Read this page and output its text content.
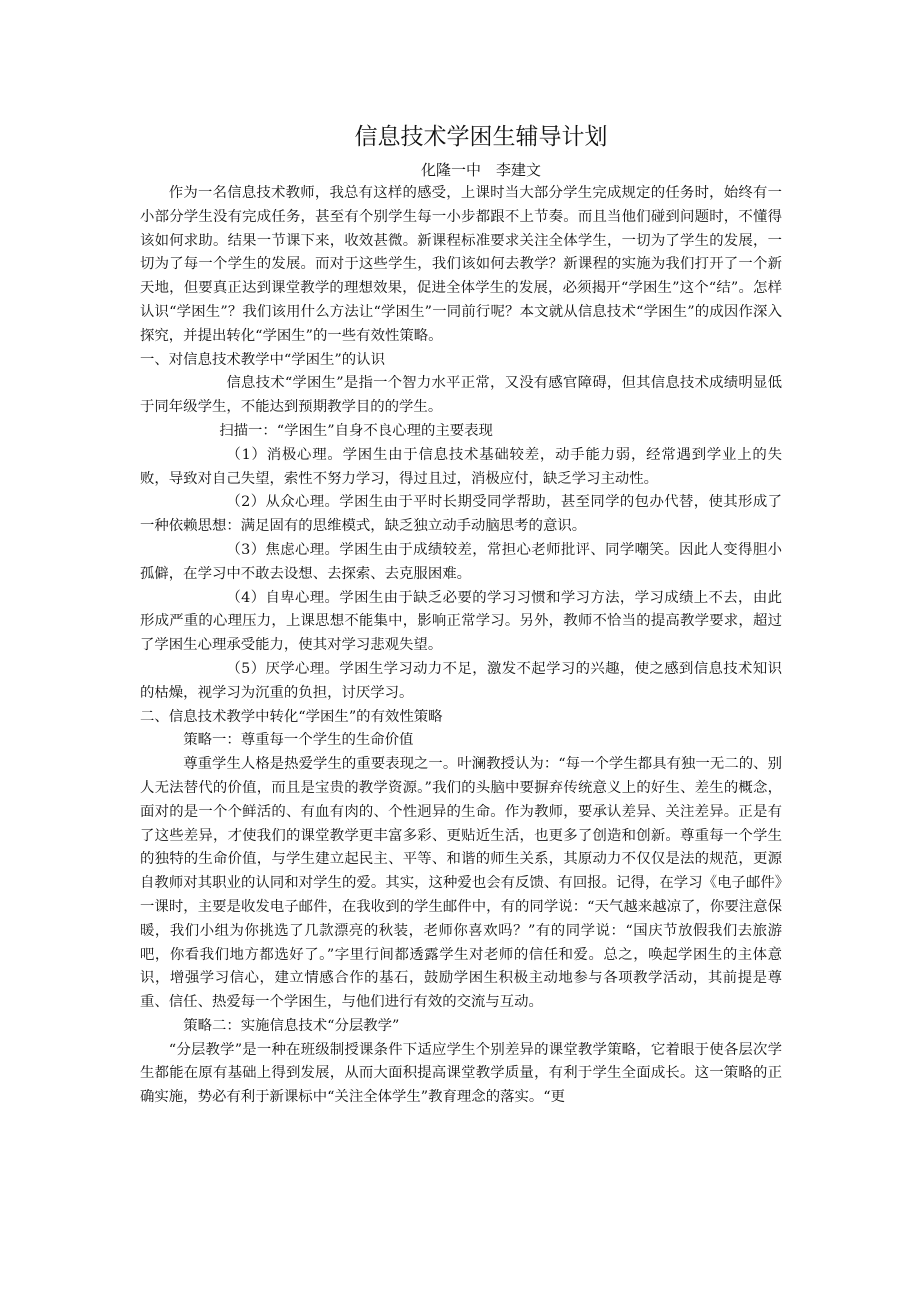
信息技术学困生辅导计划

化隆一中　李建文

作为一名信息技术教师，我总有这样的感受，上课时当大部分学生完成规定的任务时，始终有一小部分学生没有完成任务，甚至有个别学生每一小步都跟不上节奏。而且当他们碰到问题时，不懂得该如何求助。结果一节课下来，收效甚微。新课程标准要求关注全体学生，一切为了学生的发展，一切为了每一个学生的发展。而对于这些学生，我们该如何去教学？新课程的实施为我们打开了一个新天地，但要真正达到课堂教学的理想效果，促进全体学生的发展，必须揭开“学困生”这个“结”。怎样认识“学困生”？我们该用什么方法让“学困生”一同前行呢？本文就从信息技术“学困生”的成因作深入探究，并提出转化“学困生”的一些有效性策略。

一、对信息技术教学中“学困生”的认识

信息技术“学困生”是指一个智力水平正常，又没有感官障碍，但其信息技术成绩明显低于同年级学生，不能达到预期教学目的的学生。

扫描一：“学困生”自身不良心理的主要表现

（1）消极心理。学困生由于信息技术基础较差，动手能力弱，经常遇到学业上的失败，导致对自己失望，索性不努力学习，得过且过，消极应付，缺乏学习主动性。

（2）从众心理。学困生由于平时长期受同学帮助，甚至同学的包办代替，使其形成了一种依赖思想：满足固有的思维模式，缺乏独立动手动脑思考的意识。

（3）焦虑心理。学困生由于成绩较差，常担心老师批评、同学嘲笑。因此人变得胆小孤僻，在学习中不敢去设想、去探索、去克服困难。

（4）自卑心理。学困生由于缺乏必要的学习习惯和学习方法，学习成绩上不去，由此形成严重的心理压力，上课思想不能集中，影响正常学习。另外，教师不恰当的提高教学要求，超过了学困生心理承受能力，使其对学习悲观失望。

（5）厌学心理。学困生学习动力不足，激发不起学习的兴趣，使之感到信息技术知识的枯燥，视学习为沉重的负担，讨厌学习。

二、信息技术教学中转化“学困生”的有效性策略

策略一：尊重每一个学生的生命价值

尊重学生人格是热爱学生的重要表现之一。叶澜教授认为：“每一个学生都具有独一无二的、别人无法替代的价值，而且是宝贵的教学资源。”我们的头脑中要摒弃传统意义上的好生、差生的概念，面对的是一个个鲜活的、有血有肉的、个性迥异的生命。作为教师，要承认差异、关注差异。正是有了这些差异，才使我们的课堂教学更丰富多彩、更贴近生活，也更多了创造和创新。尊重每一个学生的独特的生命价值，与学生建立起民主、平等、和谐的师生关系，其原动力不仅仅是法的规范，更源自教师对其职业的认同和对学生的爱。其实，这种爱也会有反馈、有回报。记得，在学习《电子邮件》一课时，主要是收发电子邮件，在我收到的学生邮件中，有的同学说：“天气越来越凉了，你要注意保暖，我们小组为你挑选了几款漂亮的秋装，老师你喜欢吗？”有的同学说：“国庆节放假我们去旅游吧，你看我们地方都选好了。”字里行间都透露学生对老师的信任和爱。总之，唤起学困生的主体意识，增强学习信心，建立情感合作的基石，鼓励学困生积极主动地参与各项教学活动，其前提是尊重、信任、热爱每一个学困生，与他们进行有效的交流与互动。

策略二：实施信息技术“分层教学”

“分层教学”是一种在班级制授课条件下适应学生个别差异的课堂教学策略，它着眼于使各层次学生都能在原有基础上得到发展，从而大面积提高课堂教学质量，有利于学生全面成长。这一策略的正确实施，势必有利于新课标中“关注全体学生”教育理念的落实。“更
